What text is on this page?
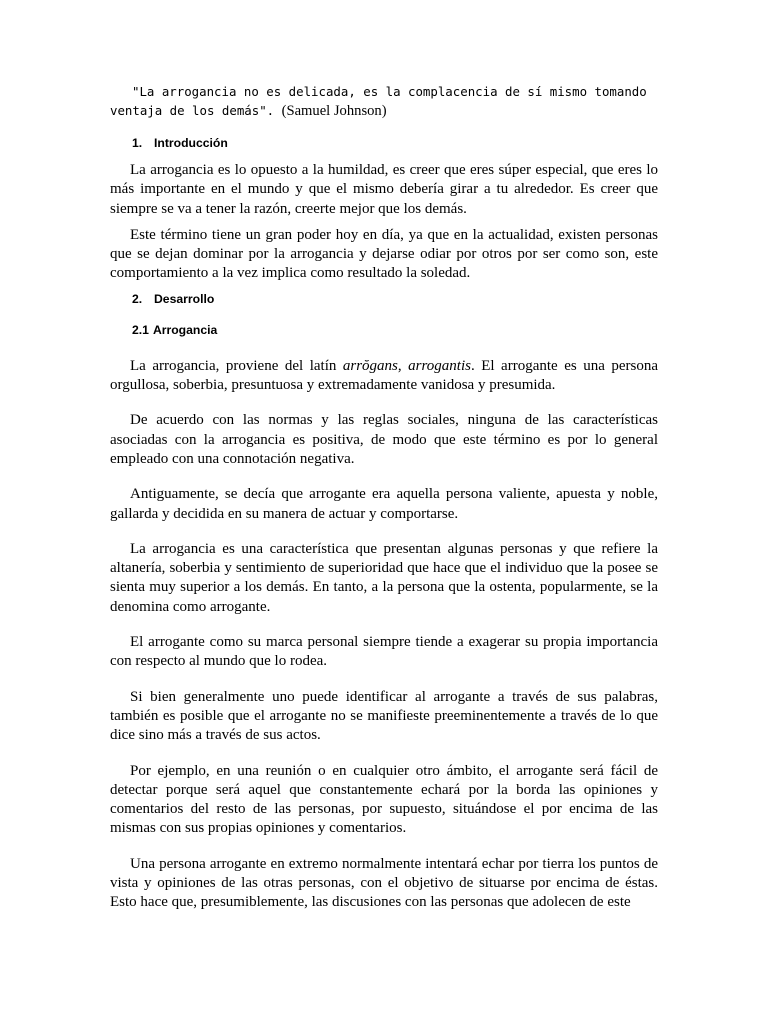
"La arrogancia no es delicada, es la complacencia de sí mismo tomando ventaja de los demás". (Samuel Johnson)

1. Introducción

La arrogancia es lo opuesto a la humildad, es creer que eres súper especial, que eres lo más importante en el mundo y que el mismo debería girar a tu alrededor. Es creer que siempre se va a tener la razón, creerte mejor que los demás.

Este término tiene un gran poder hoy en día, ya que en la actualidad, existen personas que se dejan dominar por la arrogancia y dejarse odiar por otros por ser como son, este comportamiento a la vez implica como resultado la soledad.

2. Desarrollo
2.1 Arrogancia

La arrogancia, proviene del latín arrŏgans, arrogantis. El arrogante es una persona orgullosa, soberbia, presuntuosa y extremadamente vanidosa y presumida.

De acuerdo con las normas y las reglas sociales, ninguna de las características asociadas con la arrogancia es positiva, de modo que este término es por lo general empleado con una connotación negativa.

Antiguamente, se decía que arrogante era aquella persona valiente, apuesta y noble, gallarda y decidida en su manera de actuar y comportarse.

La arrogancia es una característica que presentan algunas personas y que refiere la altanería, soberbia y sentimiento de superioridad que hace que el individuo que la posee se sienta muy superior a los demás. En tanto, a la persona que la ostenta, popularmente, se la denomina como arrogante.

El arrogante como su marca personal siempre tiende a exagerar su propia importancia con respecto al mundo que lo rodea.

Si bien generalmente uno puede identificar al arrogante a través de sus palabras, también es posible que el arrogante no se manifieste preeminentemente a través de lo que dice sino más a través de sus actos.

Por ejemplo, en una reunión o en cualquier otro ámbito, el arrogante será fácil de detectar porque será aquel que constantemente echará por la borda las opiniones y comentarios del resto de las personas, por supuesto, situándose el por encima de las mismas con sus propias opiniones y comentarios.

Una persona arrogante en extremo normalmente intentará echar por tierra los puntos de vista y opiniones de las otras personas, con el objetivo de situarse por encima de éstas. Esto hace que, presumiblemente, las discusiones con las personas que adolecen de este
